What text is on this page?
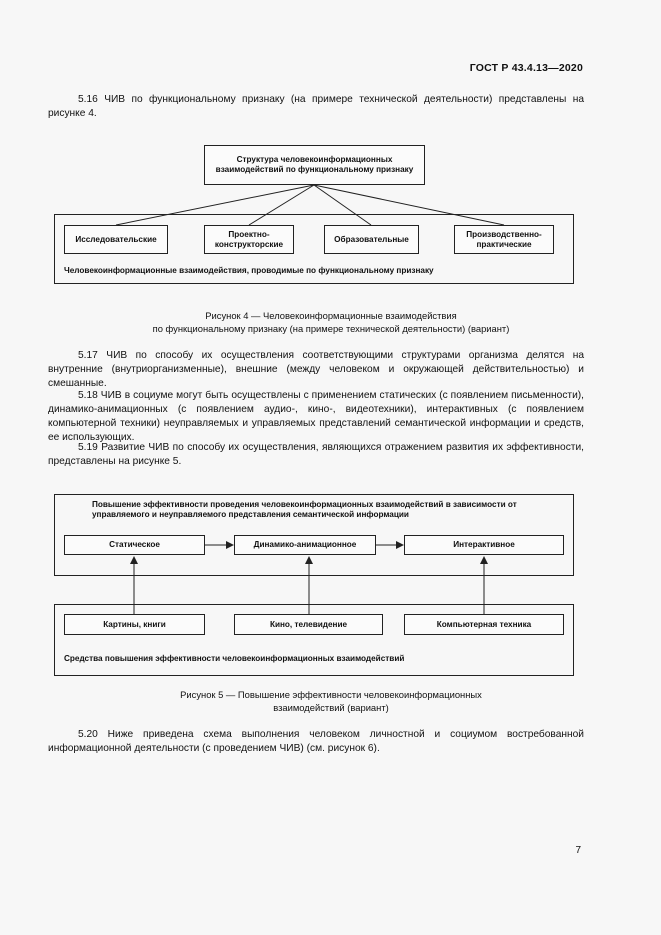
ГОСТ Р 43.4.13—2020
5.16 ЧИВ по функциональному признаку (на примере технической деятельности) представлены на рисунке 4.
Структура человекоинформационных взаимодействий по функциональному признаку
Исследовательские
Проектно-конструкторские
Образовательные
Производственно-практические
Человекоинформационные взаимодействия, проводимые по функциональному признаку
Рисунок 4 — Человекоинформационные взаимодействия
по функциональному признаку (на примере технической деятельности) (вариант)
5.17 ЧИВ по способу их осуществления соответствующими структурами организма делятся на внутренние (внутриорганизменные), внешние (между человеком и окружающей действительностью) и смешанные.
5.18 ЧИВ в социуме могут быть осуществлены с применением статических (с появлением письменности), динамико-анимационных (с появлением аудио-, кино-, видеотехники), интерактивных (с появлением компьютерной техники) неуправляемых и управляемых представлений семантической информации и средств, ее использующих.
5.19 Развитие ЧИВ по способу их осуществления, являющихся отражением развития их эффективности, представлены на рисунке 5.
Повышение эффективности проведения человекоинформационных взаимодействий в зависимости от управляемого и неуправляемого представления семантической информации
Статическое	Динамико-анимационное	Интерактивное
Картины, книги	Кино, телевидение	Компьютерная техника
Средства повышения эффективности человекоинформационных взаимодействий
Рисунок 5 — Повышение эффективности человекоинформационных
взаимодействий (вариант)
5.20 Ниже приведена схема выполнения человеком личностной и социумом востребованной информационной деятельности (с проведением ЧИВ) (см. рисунок 6).
7
